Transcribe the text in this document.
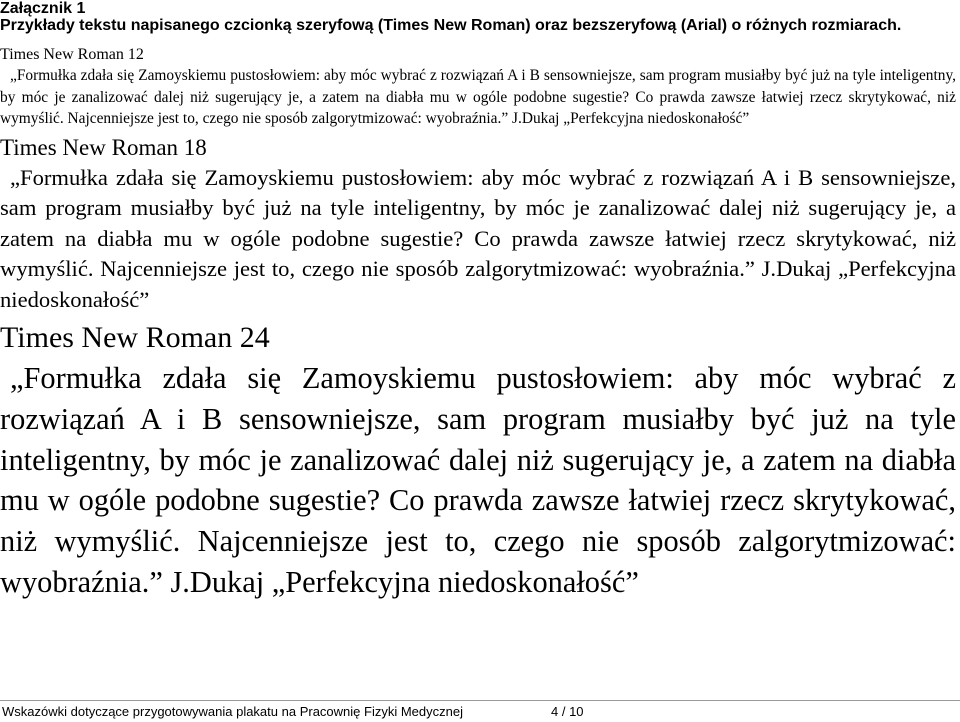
Załącznik 1

Przykłady tekstu napisanego czcionką szeryfową (Times New Roman) oraz bezszeryfową (Arial) o różnych rozmiarach.

Times New Roman 12

„Formułka zdała się Zamoyskiemu pustosłowiem: aby móc wybrać z rozwiązań A i B sensowniejsze, sam program musiałby być już na tyle inteligentny, by móc je zanalizować dalej niż sugerujący je, a zatem na diabła mu w ogóle podobne sugestie? Co prawda zawsze łatwiej rzecz skrytykować, niż wymyślić. Najcenniejsze jest to, czego nie sposób zalgorytmizować: wyobraźnia.” J.Dukaj „Perfekcyjna niedoskonałość”

Times New Roman 18

„Formułka zdała się Zamoyskiemu pustosłowiem: aby móc wybrać z rozwiązań A i B sensowniejsze, sam program musiałby być już na tyle inteligentny, by móc je zanalizować dalej niż sugerujący je, a zatem na diabła mu w ogóle podobne sugestie? Co prawda zawsze łatwiej rzecz skrytykować, niż wymyślić. Najcenniejsze jest to, czego nie sposób zalgorytmizować: wyobraźnia.” J.Dukaj „Perfekcyjna niedoskonałość”

Times New Roman 24

„Formułka zdała się Zamoyskiemu pustosłowiem: aby móc wybrać z rozwiązań A i B sensowniejsze, sam program musiałby być już na tyle inteligentny, by móc je zanalizować dalej niż sugerujący je, a zatem na diabła mu w ogóle podobne sugestie? Co prawda zawsze łatwiej rzecz skrytykować, niż wymyślić. Najcenniejsze jest to, czego nie sposób zalgorytmizować: wyobraźnia.” J.Dukaj „Perfekcyjna niedoskonałość”

Wskazówki dotyczące przygotowywania plakatu na Pracownię Fizyki Medycznej	4 / 10
